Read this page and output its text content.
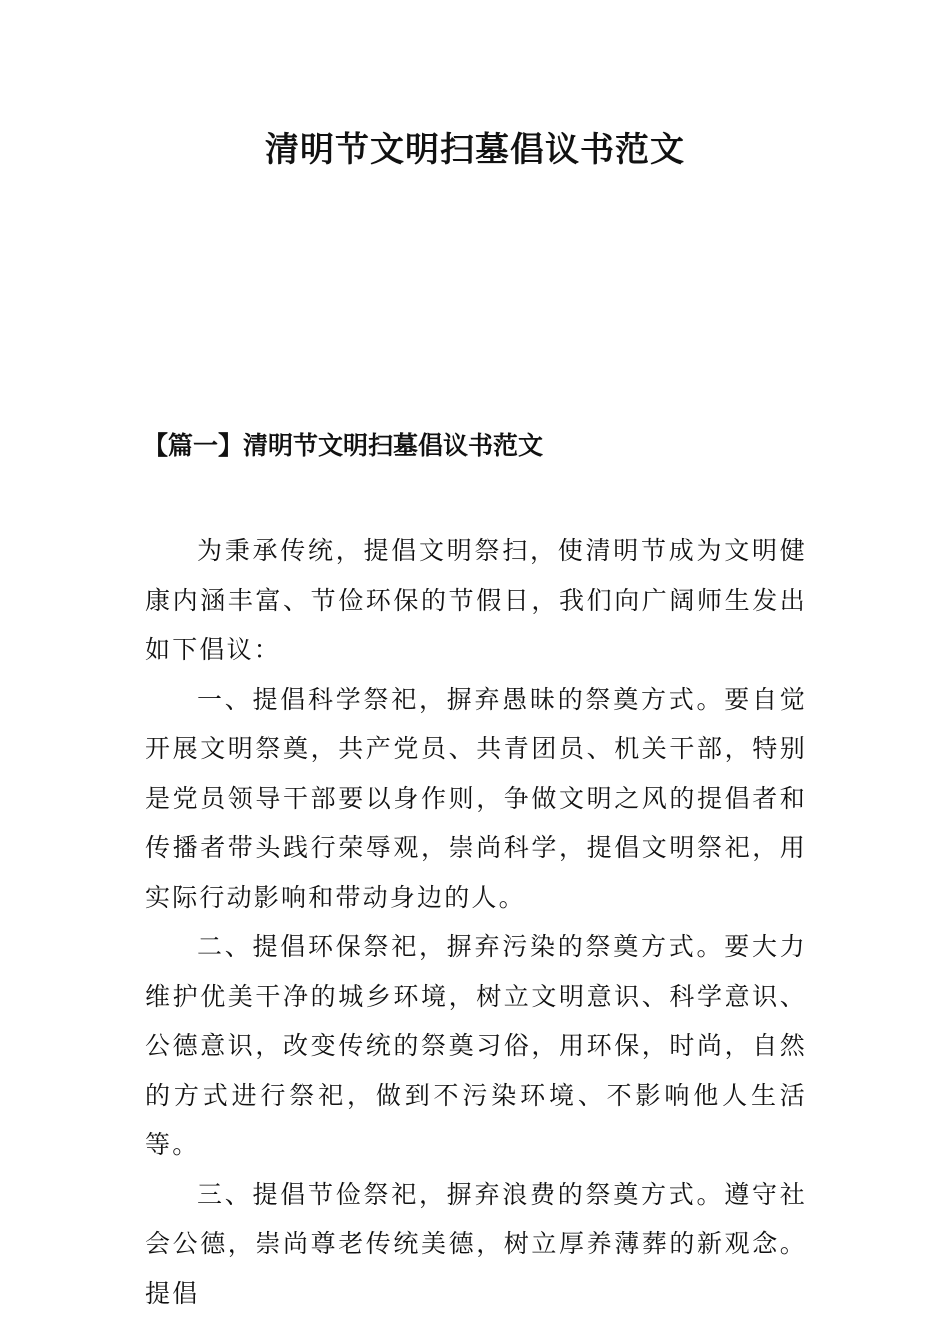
清明节文明扫墓倡议书范文
【篇一】清明节文明扫墓倡议书范文

为秉承传统，提倡文明祭扫，使清明节成为文明健康内涵丰富、节俭环保的节假日，我们向广阔师生发出如下倡议：

一、提倡科学祭祀，摒弃愚昧的祭奠方式。要自觉开展文明祭奠，共产党员、共青团员、机关干部，特别是党员领导干部要以身作则，争做文明之风的提倡者和传播者带头践行荣辱观，崇尚科学，提倡文明祭祀，用实际行动影响和带动身边的人。

二、提倡环保祭祀，摒弃污染的祭奠方式。要大力维护优美干净的城乡环境，树立文明意识、科学意识、公德意识，改变传统的祭奠习俗，用环保，时尚，自然的方式进行祭祀，做到不污染环境、不影响他人生活等。

三、提倡节俭祭祀，摒弃浪费的祭奠方式。遵守社会公德，崇尚尊老传统美德，树立厚养薄葬的新观念。提倡
